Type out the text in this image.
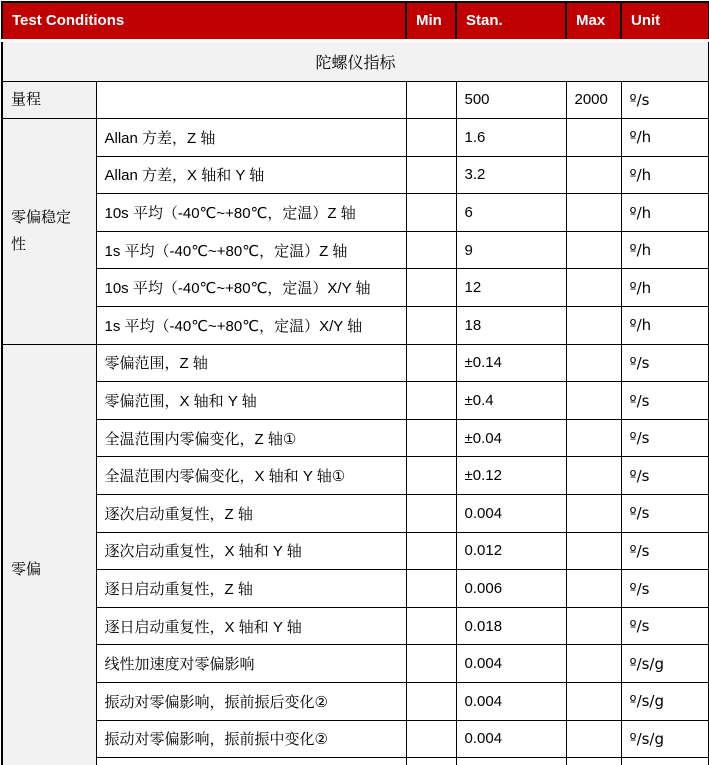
Test Conditions		Min	Stan.	Max	Unit
陀螺仪指标					
量程			500	2000	º/s
零偏稳定性	Allan 方差，Z 轴		1.6		º/h
	Allan 方差，X 轴和 Y 轴		3.2		º/h
	10s 平均（-40℃~+80℃，定温）Z 轴		6		º/h
	1s 平均（-40℃~+80℃，定温）Z 轴		9		º/h
	10s 平均（-40℃~+80℃，定温）X/Y 轴		12		º/h
	1s 平均（-40℃~+80℃，定温）X/Y 轴		18		º/h
零偏	零偏范围，Z 轴		±0.14		º/s
	零偏范围，X 轴和 Y 轴		±0.4		º/s
	全温范围内零偏变化，Z 轴①		±0.04		º/s
	全温范围内零偏变化，X 轴和 Y 轴①		±0.12		º/s
	逐次启动重复性，Z 轴		0.004		º/s
	逐次启动重复性，X 轴和 Y 轴		0.012		º/s
	逐日启动重复性，Z 轴		0.006		º/s
	逐日启动重复性，X 轴和 Y 轴		0.018		º/s
	线性加速度对零偏影响		0.004		º/s/g
	振动对零偏影响，振前振后变化②		0.004		º/s/g
	振动对零偏影响，振前振中变化②		0.004		º/s/g
